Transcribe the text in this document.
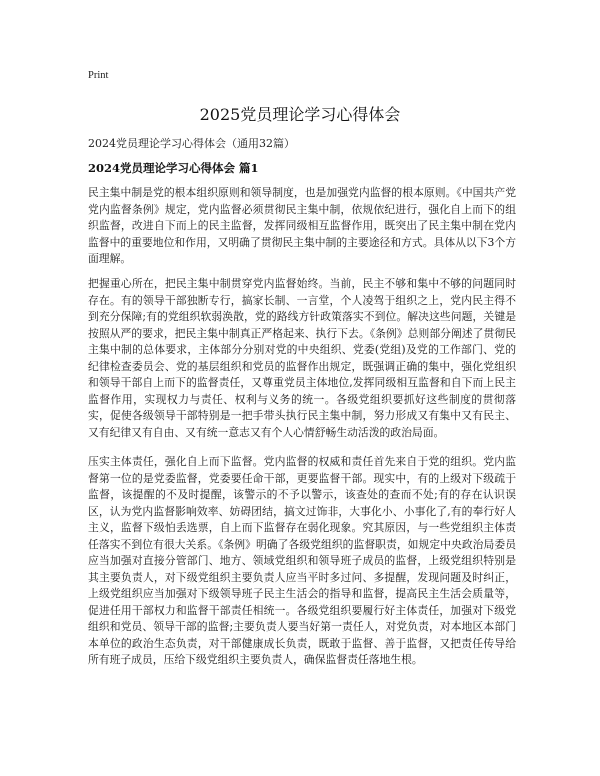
Print
2025党员理论学习心得体会
2024党员理论学习心得体会（通用32篇）
2024党员理论学习心得体会 篇1

民主集中制是党的根本组织原则和领导制度，也是加强党内监督的根本原则。《中国共产党党内监督条例》规定，党内监督必须贯彻民主集中制，依规依纪进行，强化自上而下的组织监督，改进自下而上的民主监督，发挥同级相互监督作用，既突出了民主集中制在党内监督中的重要地位和作用，又明确了贯彻民主集中制的主要途径和方式。具体从以下3个方面理解。

把握重心所在，把民主集中制贯穿党内监督始终。当前，民主不够和集中不够的问题同时存在。有的领导干部独断专行，搞家长制、一言堂，个人凌驾于组织之上，党内民主得不到充分保障;有的党组织软弱涣散，党的路线方针政策落实不到位。解决这些问题，关键是按照从严的要求，把民主集中制真正严格起来、执行下去。《条例》总则部分阐述了贯彻民主集中制的总体要求，主体部分分别对党的中央组织、党委(党组)及党的工作部门、党的纪律检查委员会、党的基层组织和党员的监督作出规定，既强调正确的集中，强化党组织和领导干部自上而下的监督责任，又尊重党员主体地位,发挥同级相互监督和自下而上民主监督作用，实现权力与责任、权利与义务的统一。各级党组织要抓好这些制度的贯彻落实，促使各级领导干部特别是一把手带头执行民主集中制，努力形成又有集中又有民主、又有纪律又有自由、又有统一意志又有个人心情舒畅生动活泼的政治局面。

压实主体责任，强化自上而下监督。党内监督的权威和责任首先来自于党的组织。党内监督第一位的是党委监督，党委要任命干部，更要监督干部。现实中，有的上级对下级疏于监督，该提醒的不及时提醒，该警示的不予以警示，该查处的查而不处;有的存在认识误区，认为党内监督影响效率、妨碍团结，搞文过饰非，大事化小、小事化了,有的奉行好人主义，监督下级怕丢选票，自上而下监督存在弱化现象。究其原因，与一些党组织主体责任落实不到位有很大关系。《条例》明确了各级党组织的监督职责，如规定中央政治局委员应当加强对直接分管部门、地方、领域党组织和领导班子成员的监督，上级党组织特别是其主要负责人，对下级党组织主要负责人应当平时多过问、多提醒，发现问题及时纠正，上级党组织应当加强对下级领导班子民主生活会的指导和监督，提高民主生活会质量等，促进任用干部权力和监督干部责任相统一。各级党组织要履行好主体责任，加强对下级党组织和党员、领导干部的监督;主要负责人要当好第一责任人，对党负责，对本地区本部门本单位的政治生态负责，对干部健康成长负责，既敢于监督、善于监督，又把责任传导给所有班子成员，压给下级党组织主要负责人，确保监督责任落地生根。
